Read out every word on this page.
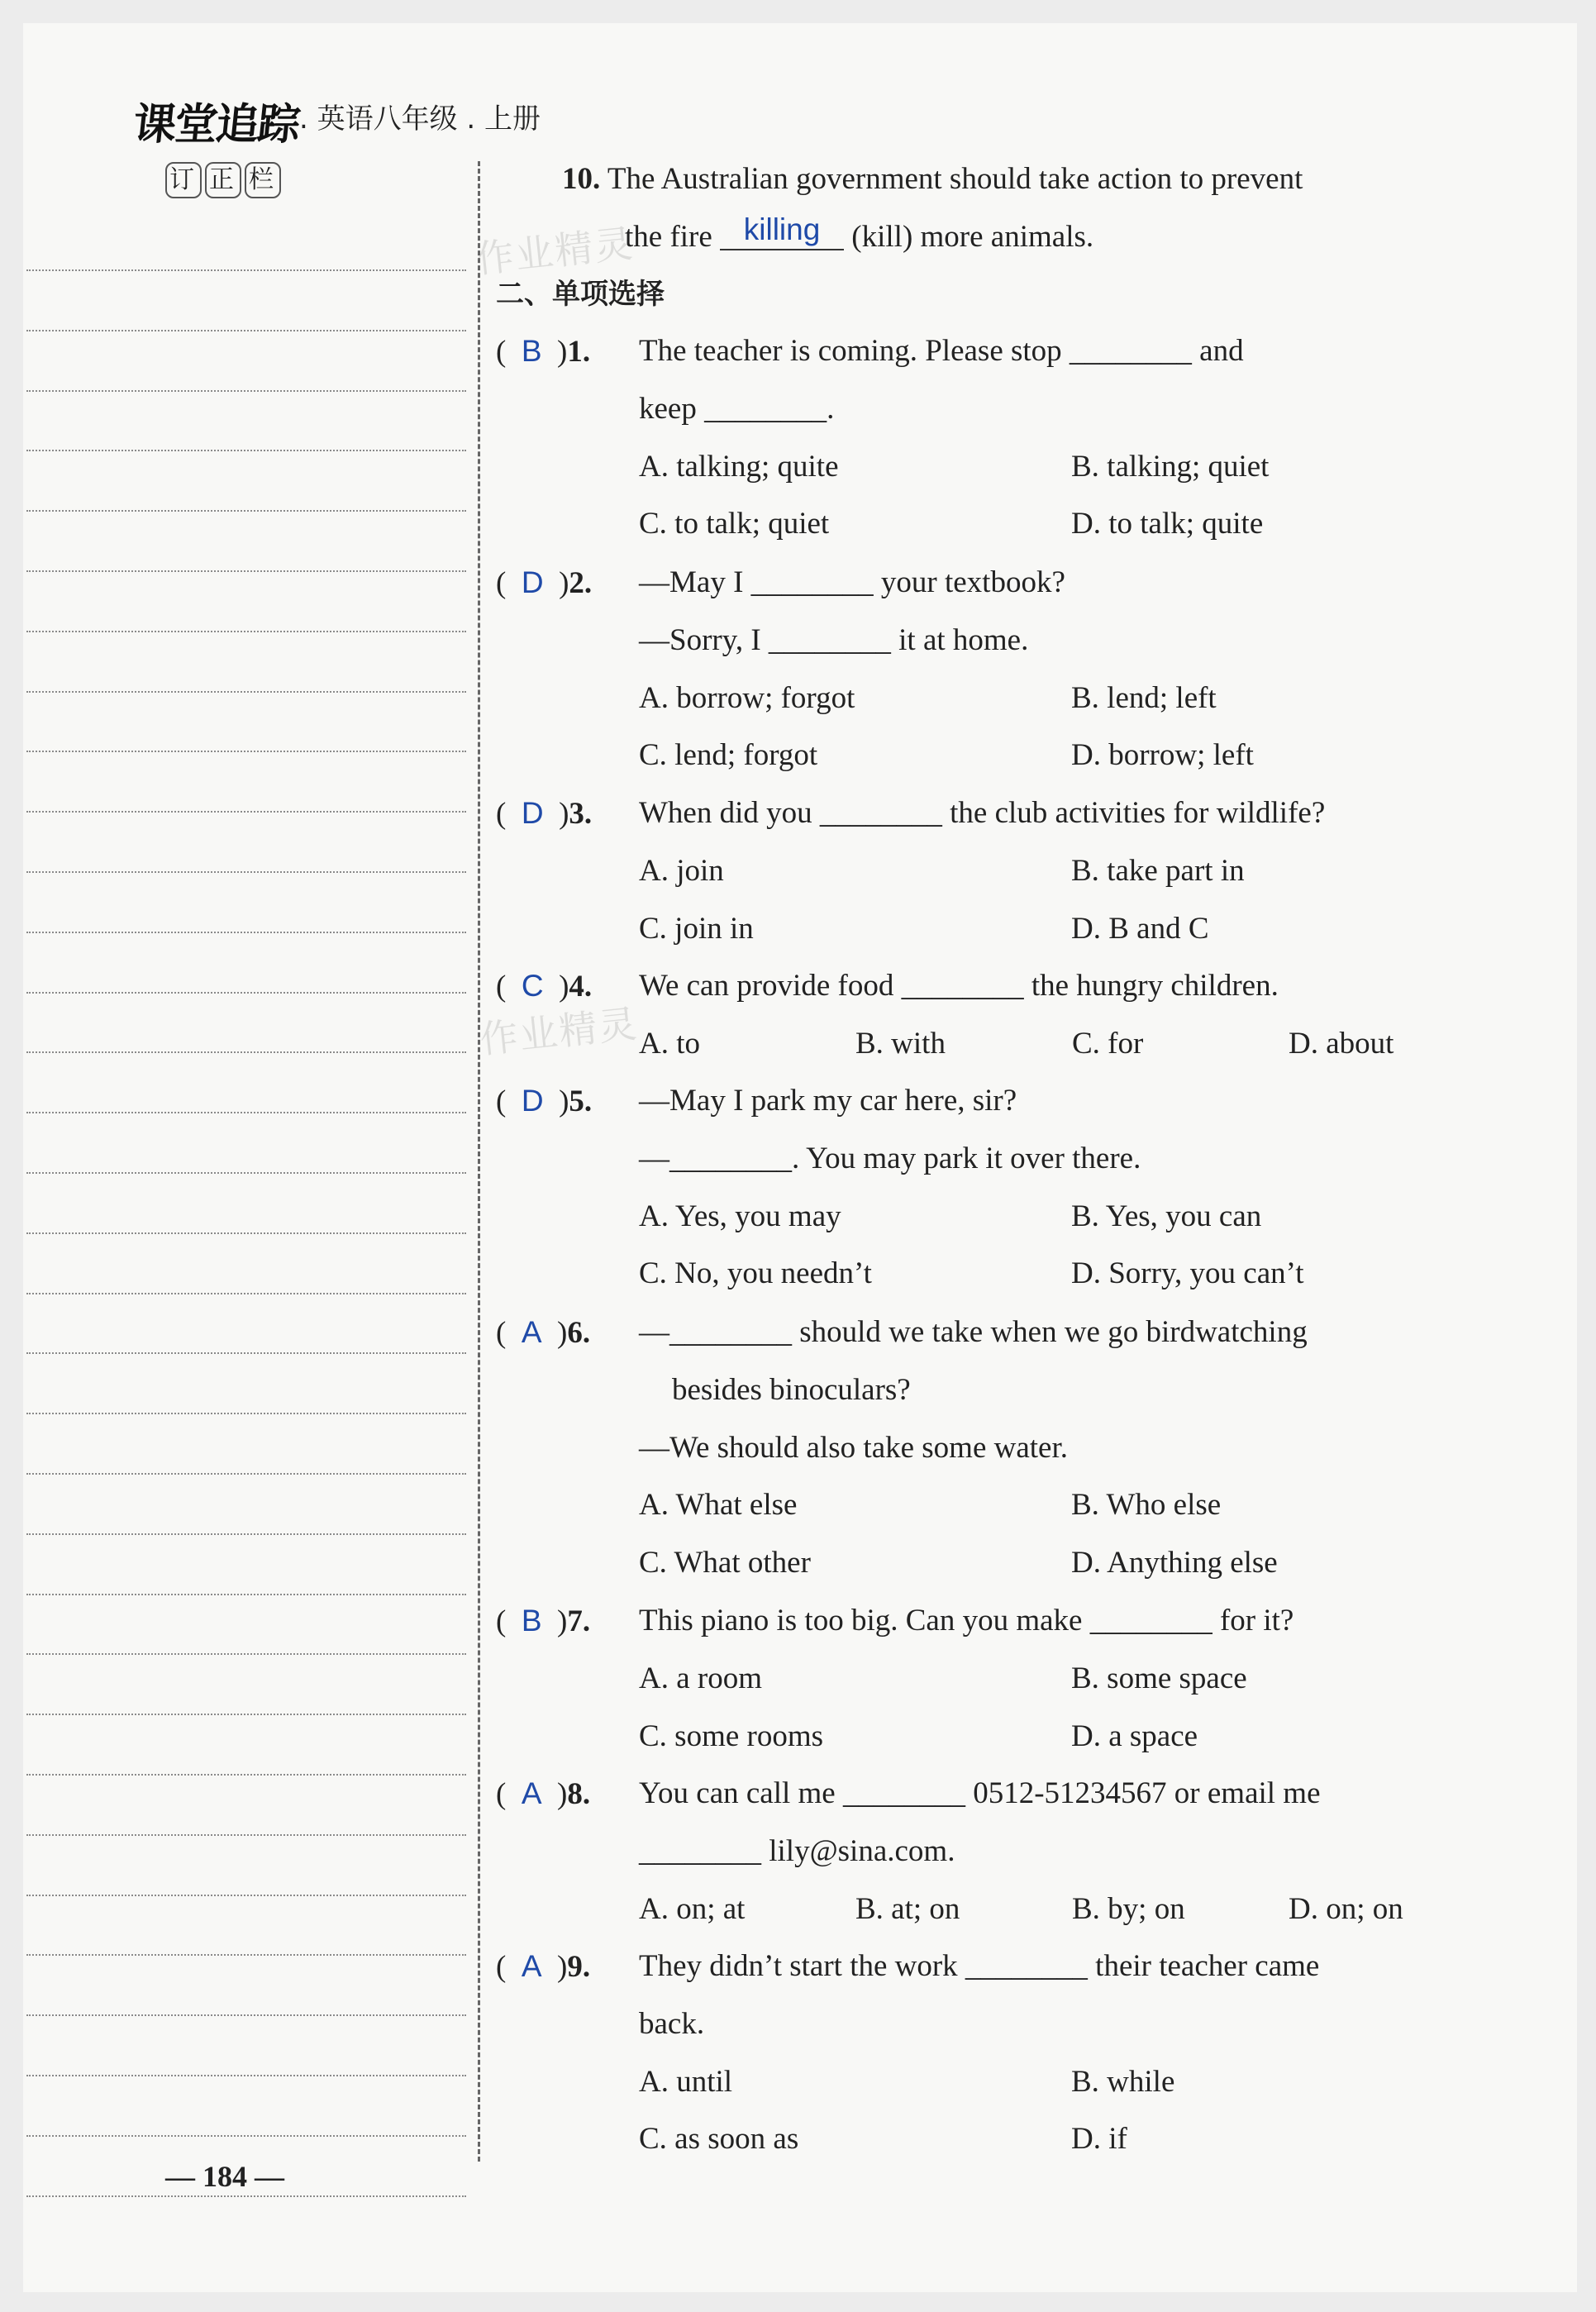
课堂追踪
. 英语八年级 . 上册
订 正 栏
作业精灵
作业精灵
10. The Australian government should take action to prevent
the fire killing (kill) more animals.
二、单项选择
(  B  )1. The teacher is coming. Please stop ________ and
keep ________.
A. talking; quite	B. talking; quiet
C. to talk; quiet	D. to talk; quite
(  D  )2. —May I ________ your textbook?
—Sorry, I ________ it at home.
A. borrow; forgot	B. lend; left
C. lend; forgot	D. borrow; left
(  D  )3. When did you ________ the club activities for wildlife?
A. join	B. take part in
C. join in	D. B and C
(  C  )4. We can provide food ________ the hungry children.
A. to	B. with	C. for	D. about
(  D  )5. —May I park my car here, sir?
—________. You may park it over there.
A. Yes, you may	B. Yes, you can
C. No, you needn’t	D. Sorry, you can’t
(  A  )6. —________ should we take when we go birdwatching
besides binoculars?
—We should also take some water.
A. What else	B. Who else
C. What other	D. Anything else
(  B  )7. This piano is too big. Can you make ________ for it?
A. a room	B. some space
C. some rooms	D. a space
(  A  )8. You can call me ________ 0512-51234567 or email me
________ lily@sina.com.
A. on; at	B. at; on	B. by; on	D. on; on
(  A  )9. They didn’t start the work ________ their teacher came
back.
A. until	B. while
C. as soon as	D. if
— 184 —
